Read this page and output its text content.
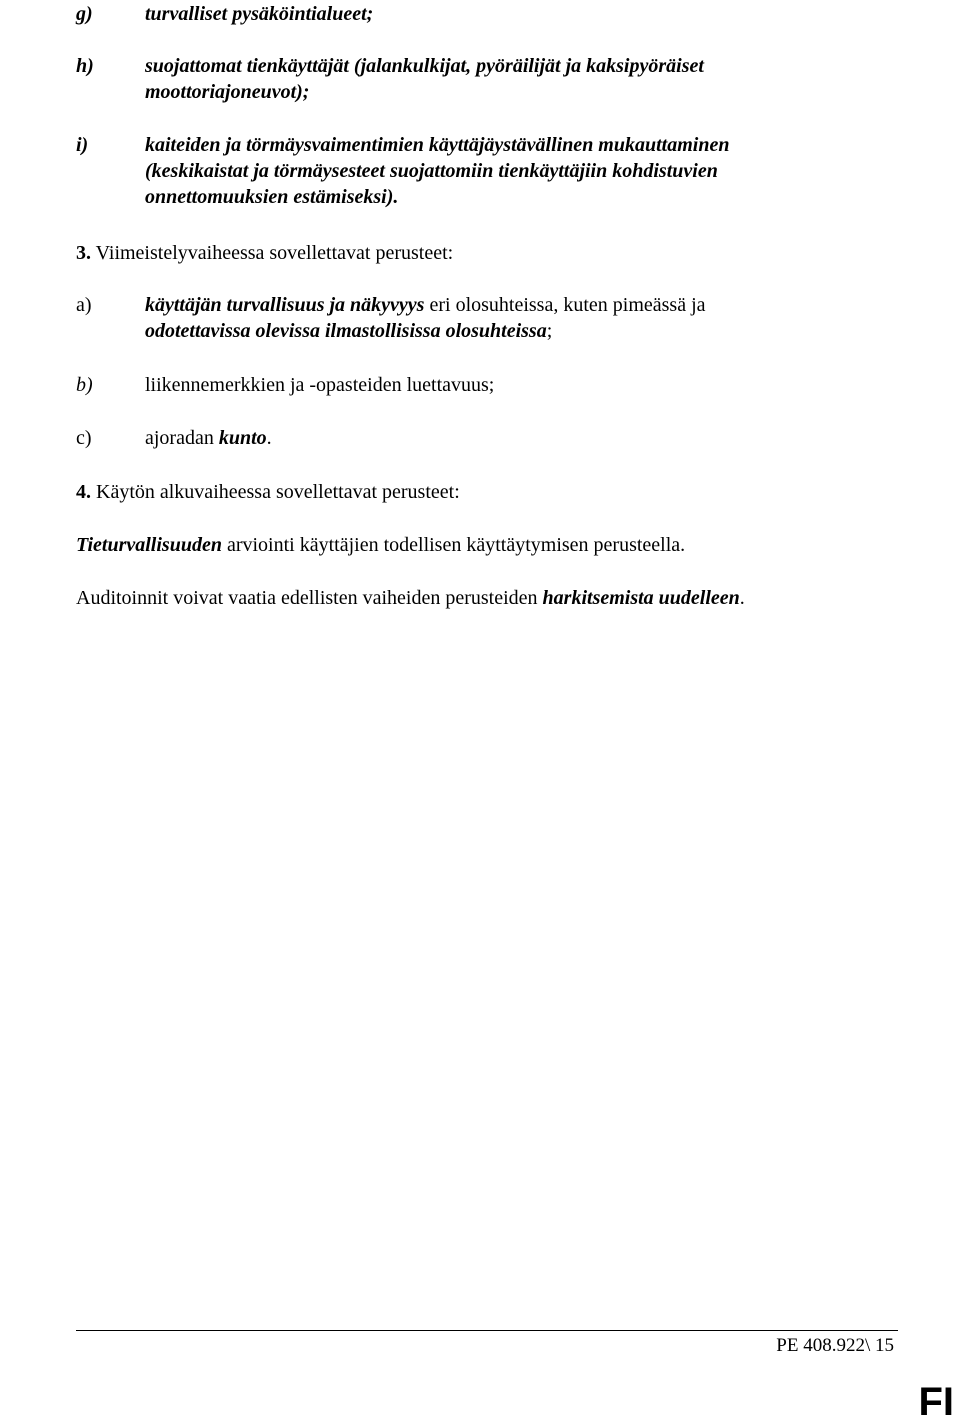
g)	turvalliset pysäköintialueet;
h)	suojattomat tienkäyttäjät (jalankulkijat, pyöräilijät ja kaksipyöräiset
moottoriajoneuvot);
i)	kaiteiden ja törmäysvaimentimien käyttäjäystävällinen mukauttaminen
(keskikaistat ja törmäysesteet suojattomiin tienkäyttäjiin kohdistuvien
onnettomuuksien estämiseksi).
3. Viimeistelyvaiheessa sovellettavat perusteet:
a)	käyttäjän turvallisuus ja näkyvyys eri olosuhteissa, kuten pimeässä ja
odotettavissa olevissa ilmastollisissa olosuhteissa;
b)	liikennemerkkien ja -opasteiden luettavuus;
c)	ajoradan kunto.
4. Käytön alkuvaiheessa sovellettavat perusteet:
Tieturvallisuuden arviointi käyttäjien todellisen käyttäytymisen perusteella.
Auditoinnit voivat vaatia edellisten vaiheiden perusteiden harkitsemista uudelleen.
PE 408.922\ 15
FI
